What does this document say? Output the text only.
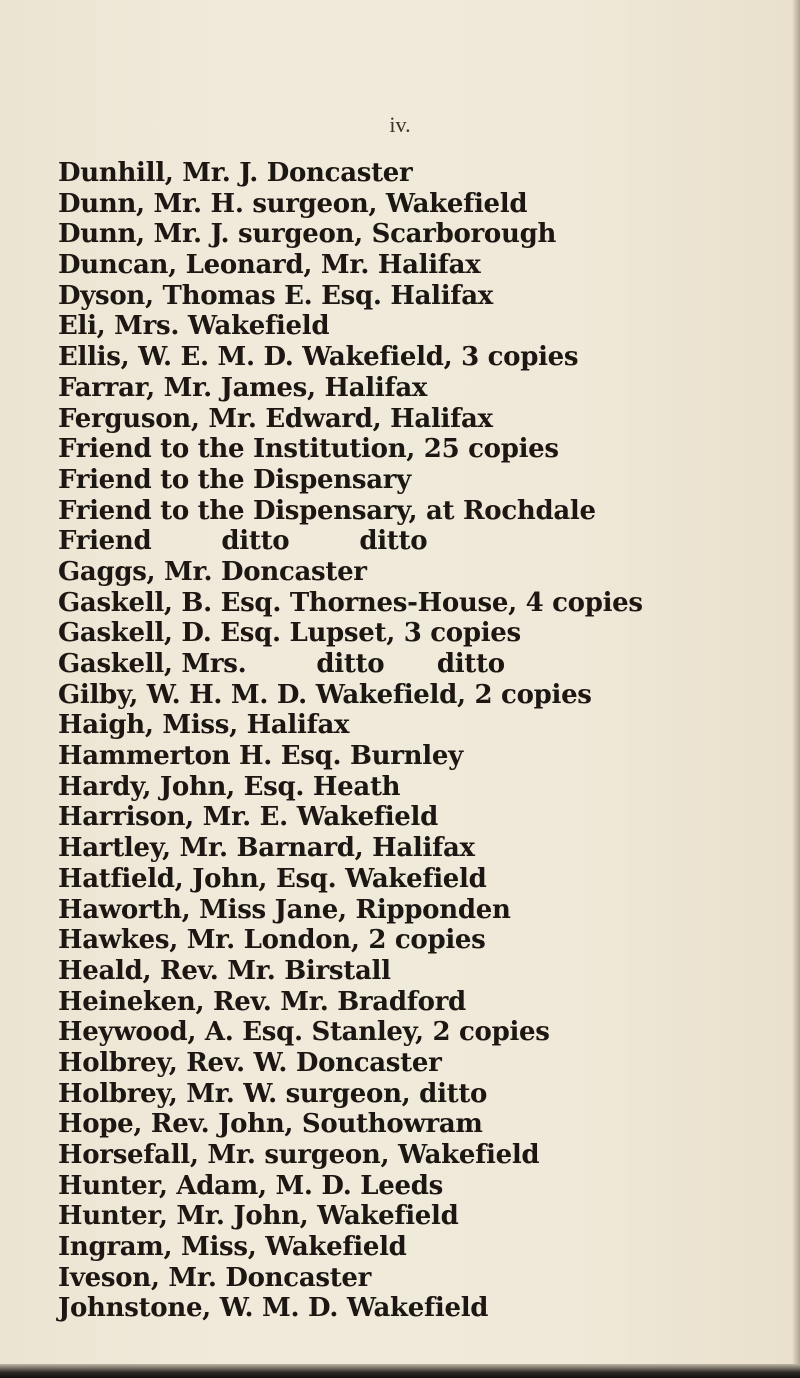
iv.
Dunhill, Mr. J. Doncaster
Dunn, Mr. H. surgeon, Wakefield
Dunn, Mr. J. surgeon, Scarborough
Duncan, Leonard, Mr. Halifax
Dyson, Thomas E. Esq. Halifax
Eli, Mrs. Wakefield
Ellis, W. E. M. D. Wakefield, 3 copies
Farrar, Mr. James, Halifax
Ferguson, Mr. Edward, Halifax
Friend to the Institution, 25 copies
Friend to the Dispensary
Friend to the Dispensary, at Rochdale
Friend        ditto        ditto
Gaggs, Mr. Doncaster
Gaskell, B. Esq. Thornes-House, 4 copies
Gaskell, D. Esq. Lupset, 3 copies
Gaskell, Mrs.        ditto      ditto
Gilby, W. H. M. D. Wakefield, 2 copies
Haigh, Miss, Halifax
Hammerton H. Esq. Burnley
Hardy, John, Esq. Heath
Harrison, Mr. E. Wakefield
Hartley, Mr. Barnard, Halifax
Hatfield, John, Esq. Wakefield
Haworth, Miss Jane, Ripponden
Hawkes, Mr. London, 2 copies
Heald, Rev. Mr. Birstall
Heineken, Rev. Mr. Bradford
Heywood, A. Esq. Stanley, 2 copies
Holbrey, Rev. W. Doncaster
Holbrey, Mr. W. surgeon, ditto
Hope, Rev. John, Southowram
Horsefall, Mr. surgeon, Wakefield
Hunter, Adam, M. D. Leeds
Hunter, Mr. John, Wakefield
Ingram, Miss, Wakefield
Iveson, Mr. Doncaster
Johnstone, W. M. D. Wakefield
